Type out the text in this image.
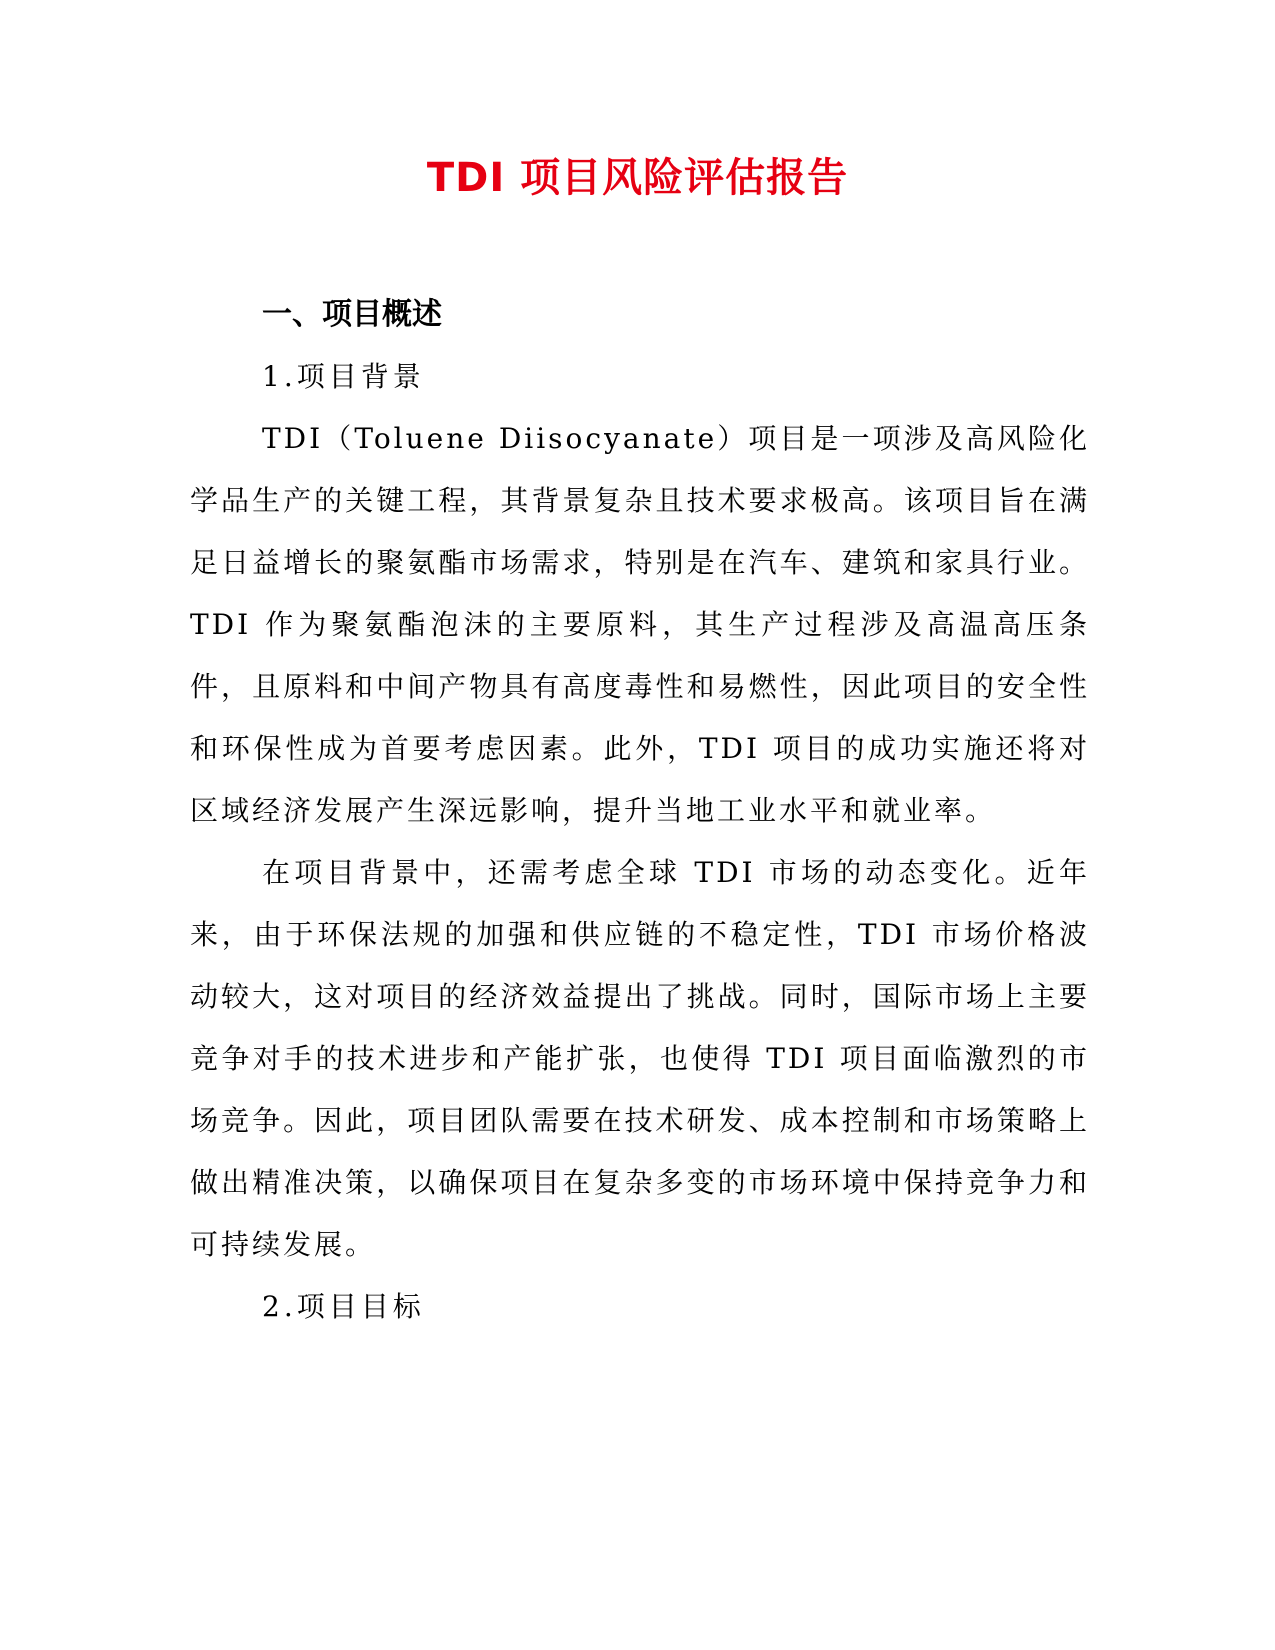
TDI 项目风险评估报告

一、项目概述

1.项目背景

TDI（Toluene Diisocyanate）项目是一项涉及高风险化学品生产的关键工程，其背景复杂且技术要求极高。该项目旨在满足日益增长的聚氨酯市场需求，特别是在汽车、建筑和家具行业。TDI 作为聚氨酯泡沫的主要原料，其生产过程涉及高温高压条件，且原料和中间产物具有高度毒性和易燃性，因此项目的安全性和环保性成为首要考虑因素。此外，TDI 项目的成功实施还将对区域经济发展产生深远影响，提升当地工业水平和就业率。

在项目背景中，还需考虑全球 TDI 市场的动态变化。近年来，由于环保法规的加强和供应链的不稳定性，TDI 市场价格波动较大，这对项目的经济效益提出了挑战。同时，国际市场上主要竞争对手的技术进步和产能扩张，也使得 TDI 项目面临激烈的市场竞争。因此，项目团队需要在技术研发、成本控制和市场策略上做出精准决策，以确保项目在复杂多变的市场环境中保持竞争力和可持续发展。

2.项目目标
